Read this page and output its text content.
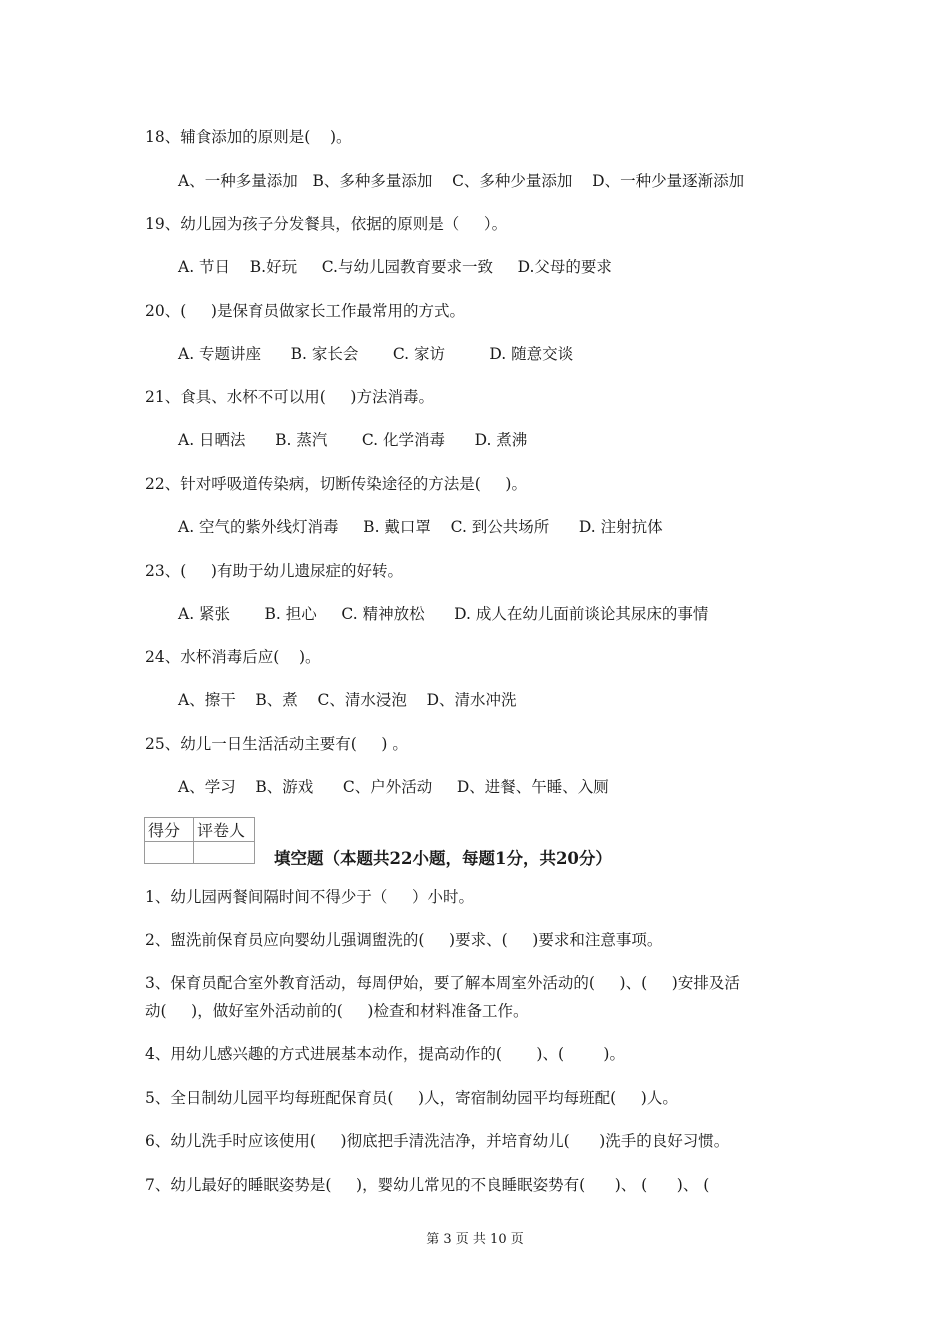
18、辅食添加的原则是(    )。
A、一种多量添加   B、多种多量添加    C、多种少量添加    D、一种少量逐渐添加
19、幼儿园为孩子分发餐具，依据的原则是（     ）。
A. 节日    B.好玩     C.与幼儿园教育要求一致     D.父母的要求
20、(     )是保育员做家长工作最常用的方式。
A. 专题讲座      B. 家长会       C. 家访         D. 随意交谈
21、食具、水杯不可以用(     )方法消毒。
A. 日晒法      B. 蒸汽       C. 化学消毒      D. 煮沸
22、针对呼吸道传染病，切断传染途径的方法是(     )。
A. 空气的紫外线灯消毒     B. 戴口罩    C. 到公共场所      D. 注射抗体
23、(     )有助于幼儿遗尿症的好转。
A. 紧张       B. 担心     C. 精神放松      D. 成人在幼儿面前谈论其尿床的事情
24、水杯消毒后应(    )。
A、擦干    B、煮    C、清水浸泡    D、清水冲洗
25、幼儿一日生活活动主要有(     ) 。
A、学习    B、游戏      C、户外活动     D、进餐、午睡、入厕
得分	评卷人

填空题（本题共22小题，每题1分，共20分）
1、幼儿园两餐间隔时间不得少于（     ）小时。
2、盥洗前保育员应向婴幼儿强调盥洗的(     )要求、(     )要求和注意事项。
3、保育员配合室外教育活动，每周伊始，要了解本周室外活动的(     )、(     )安排及活
动(     )，做好室外活动前的(     )检查和材料准备工作。
4、用幼儿感兴趣的方式进展基本动作，提高动作的(       )、(        )。
5、全日制幼儿园平均每班配保育员(     )人，寄宿制幼园平均每班配(     )人。
6、幼儿洗手时应该使用(     )彻底把手清洗洁净，并培育幼儿(      )洗手的良好习惯。
7、幼儿最好的睡眠姿势是(     )，婴幼儿常见的不良睡眠姿势有(      )、 (      )、 (
第 3 页 共 10 页
